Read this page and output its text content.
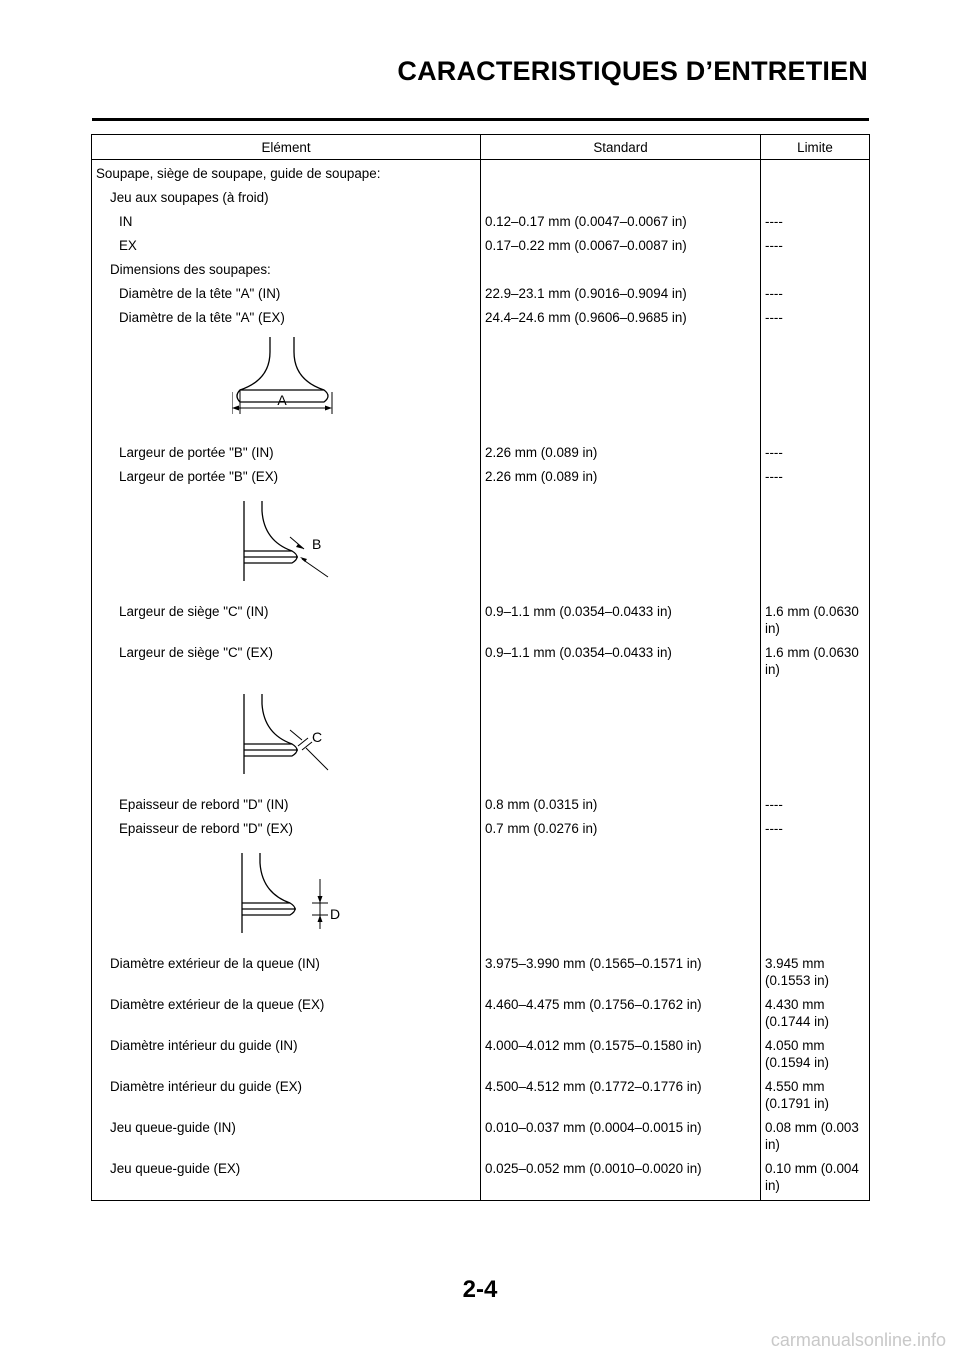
CARACTERISTIQUES D’ENTRETIEN
Elément	Standard	Limite
Soupape, siège de soupape, guide de soupape:		
Jeu aux soupapes (à froid)		
IN	0.12–0.17 mm (0.0047–0.0067 in)	----
EX	0.17–0.22 mm (0.0067–0.0087 in)	----
Dimensions des soupapes:		
Diamètre de la tête "A" (IN)	22.9–23.1 mm (0.9016–0.9094 in)	----
Diamètre de la tête "A" (EX)	24.4–24.6 mm (0.9606–0.9685 in)	----

A		

Largeur de portée "B" (IN)	2.26 mm (0.089 in)	----
Largeur de portée "B" (EX)	2.26 mm (0.089 in)	----

B		

Largeur de siège "C" (IN)	0.9–1.1 mm (0.0354–0.0433 in)	1.6 mm (0.0630 in)
Largeur de siège "C" (EX)	0.9–1.1 mm (0.0354–0.0433 in)	1.6 mm (0.0630 in)

C		

Epaisseur de rebord "D" (IN)	0.8 mm (0.0315 in)	----
Epaisseur de rebord "D" (EX)	0.7 mm (0.0276 in)	----

D		

Diamètre extérieur de la queue (IN)	3.975–3.990 mm (0.1565–0.1571 in)	3.945 mm (0.1553 in)
Diamètre extérieur de la queue (EX)	4.460–4.475 mm (0.1756–0.1762 in)	4.430 mm (0.1744 in)
Diamètre intérieur du guide (IN)	4.000–4.012 mm (0.1575–0.1580 in)	4.050 mm (0.1594 in)
Diamètre intérieur du guide (EX)	4.500–4.512 mm (0.1772–0.1776 in)	4.550 mm (0.1791 in)
Jeu queue-guide (IN)	0.010–0.037 mm (0.0004–0.0015 in)	0.08 mm (0.003 in)
Jeu queue-guide (EX)	0.025–0.052 mm (0.0010–0.0020 in)	0.10 mm (0.004 in)
2-4
carmanualsonline.info
